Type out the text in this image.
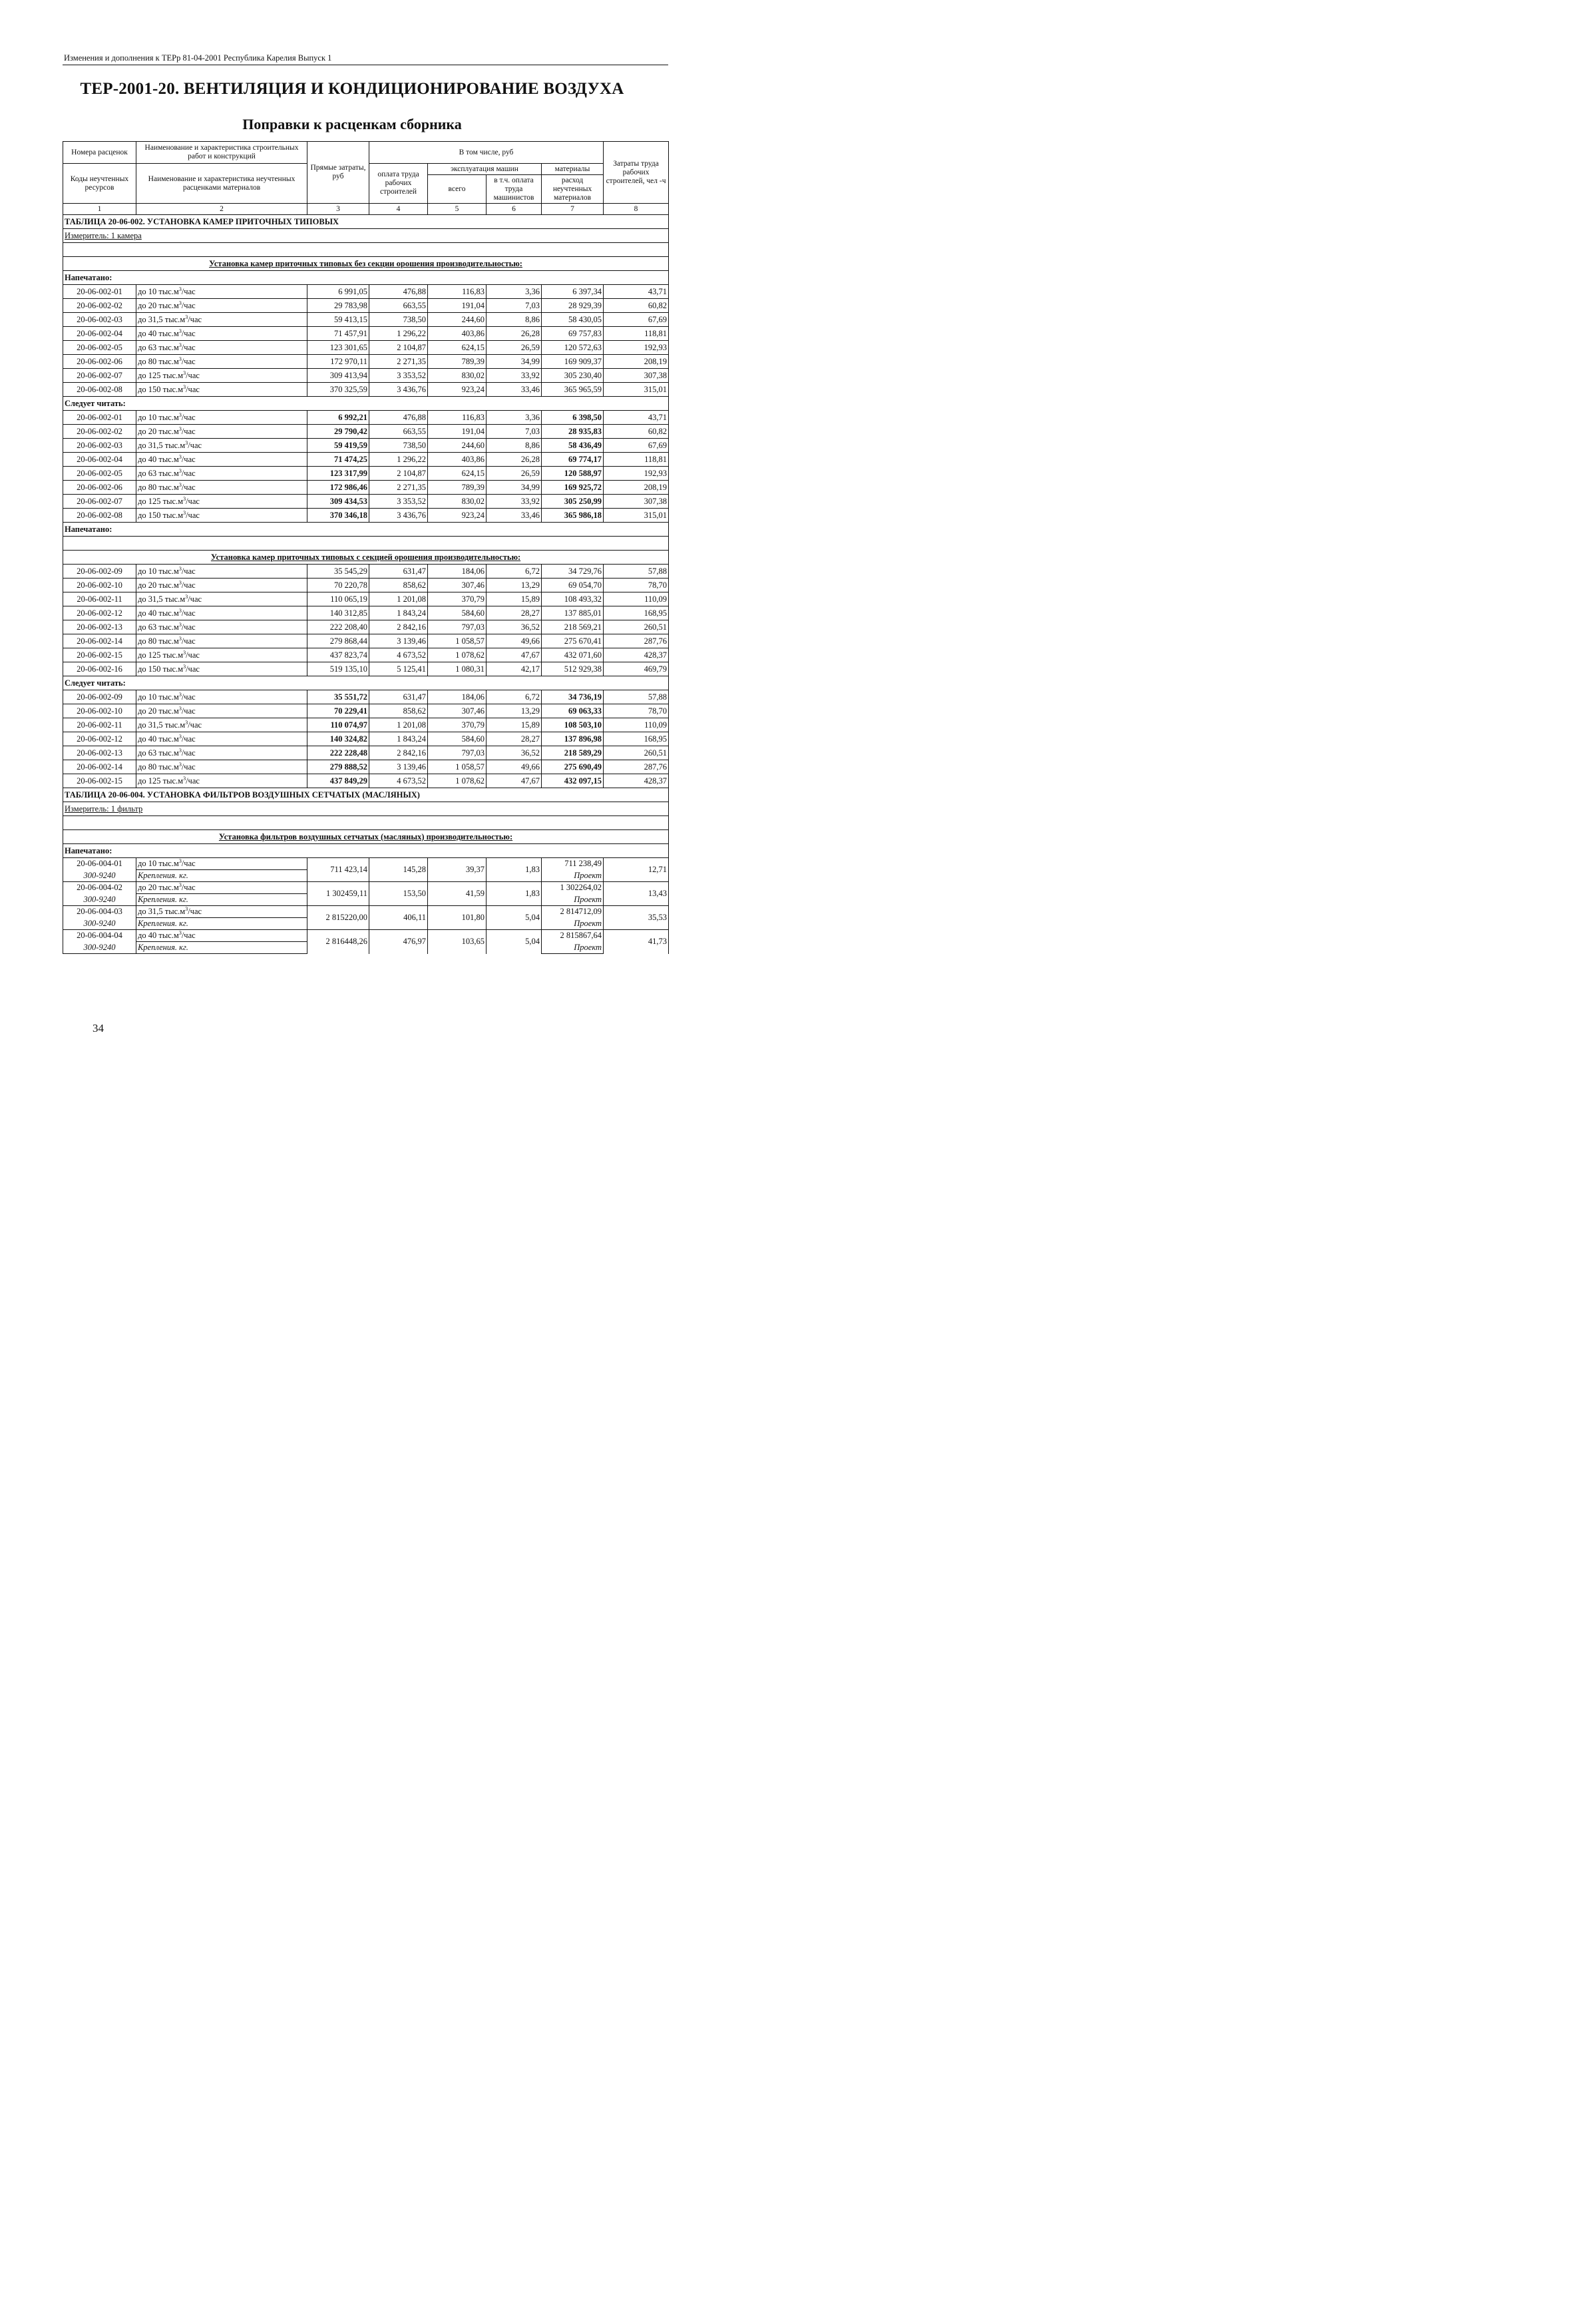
Изменения и дополнения к ТЕРр 81-04-2001 Республика Карелия Выпуск 1
ТЕР-2001-20. ВЕНТИЛЯЦИЯ И КОНДИЦИОНИРОВАНИЕ ВОЗДУХА
Поправки к расценкам сборника
Номера расценок	Наименование и характеристика строительных работ и конструкций	Прямые затраты, руб	В том числе, руб				Затраты труда рабочих строителей, чел -ч
Коды неучтенных ресурсов	Наименование и характеристика неучтенных расценками материалов		оплата труда рабочих строителей	эксплуатация машин		материалы	
				всего	в т.ч. оплата труда машинистов	расход неучтенных материалов	
1	2	3	4	5	6	7	8
ТАБЛИЦА 20-06-002. УСТАНОВКА КАМЕР ПРИТОЧНЫХ ТИПОВЫХ							
Измеритель: 1 камера							

Установка камер приточных типовых без секции орошения производительностью:							
Напечатано:							
20-06-002-01	до 10 $тыс.м^3$/час	6 991,05	476,88	116,83	3,36	6 397,34	43,71
20-06-002-02	до 20 $тыс.м^3$/час	29 783,98	663,55	191,04	7,03	28 929,39	60,82
20-06-002-03	до 31,5 $тыс.м^3$/час	59 413,15	738,50	244,60	8,86	58 430,05	67,69
20-06-002-04	до 40 $тыс.м^3$/час	71 457,91	1 296,22	403,86	26,28	69 757,83	118,81
20-06-002-05	до 63 $тыс.м^3$/час	123 301,65	2 104,87	624,15	26,59	120 572,63	192,93
20-06-002-06	до 80 $тыс.м^3$/час	172 970,11	2 271,35	789,39	34,99	169 909,37	208,19
20-06-002-07	до 125 $тыс.м^3$/час	309 413,94	3 353,52	830,02	33,92	305 230,40	307,38
20-06-002-08	до 150 $тыс.м^3$/час	370 325,59	3 436,76	923,24	33,46	365 965,59	315,01
Следует читать:							
20-06-002-01	до 10 $тыс.м^3$/час	6 992,21	476,88	116,83	3,36	6 398,50	43,71
20-06-002-02	до 20 $тыс.м^3$/час	29 790,42	663,55	191,04	7,03	28 935,83	60,82
20-06-002-03	до 31,5 $тыс.м^3$/час	59 419,59	738,50	244,60	8,86	58 436,49	67,69
20-06-002-04	до 40 $тыс.м^3$/час	71 474,25	1 296,22	403,86	26,28	69 774,17	118,81
20-06-002-05	до 63 $тыс.м^3$/час	123 317,99	2 104,87	624,15	26,59	120 588,97	192,93
20-06-002-06	до 80 $тыс.м^3$/час	172 986,46	2 271,35	789,39	34,99	169 925,72	208,19
20-06-002-07	до 125 $тыс.м^3$/час	309 434,53	3 353,52	830,02	33,92	305 250,99	307,38
20-06-002-08	до 150 $тыс.м^3$/час	370 346,18	3 436,76	923,24	33,46	365 986,18	315,01
Напечатано:							

Установка камер приточных типовых с секцией орошения производительностью:							
20-06-002-09	до 10 $тыс.м^3$/час	35 545,29	631,47	184,06	6,72	34 729,76	57,88
20-06-002-10	до 20 $тыс.м^3$/час	70 220,78	858,62	307,46	13,29	69 054,70	78,70
20-06-002-11	до 31,5 $тыс.м^3$/час	110 065,19	1 201,08	370,79	15,89	108 493,32	110,09
20-06-002-12	до 40 $тыс.м^3$/час	140 312,85	1 843,24	584,60	28,27	137 885,01	168,95
20-06-002-13	до 63 $тыс.м^3$/час	222 208,40	2 842,16	797,03	36,52	218 569,21	260,51
20-06-002-14	до 80 $тыс.м^3$/час	279 868,44	3 139,46	1 058,57	49,66	275 670,41	287,76
20-06-002-15	до 125 $тыс.м^3$/час	437 823,74	4 673,52	1 078,62	47,67	432 071,60	428,37
20-06-002-16	до 150 $тыс.м^3$/час	519 135,10	5 125,41	1 080,31	42,17	512 929,38	469,79
Следует читать:							
20-06-002-09	до 10 $тыс.м^3$/час	35 551,72	631,47	184,06	6,72	34 736,19	57,88
20-06-002-10	до 20 $тыс.м^3$/час	70 229,41	858,62	307,46	13,29	69 063,33	78,70
20-06-002-11	до 31,5 $тыс.м^3$/час	110 074,97	1 201,08	370,79	15,89	108 503,10	110,09
20-06-002-12	до 40 $тыс.м^3$/час	140 324,82	1 843,24	584,60	28,27	137 896,98	168,95
20-06-002-13	до 63 $тыс.м^3$/час	222 228,48	2 842,16	797,03	36,52	218 589,29	260,51
20-06-002-14	до 80 $тыс.м^3$/час	279 888,52	3 139,46	1 058,57	49,66	275 690,49	287,76
20-06-002-15	до 125 $тыс.м^3$/час	437 849,29	4 673,52	1 078,62	47,67	432 097,15	428,37
ТАБЛИЦА 20-06-004. УСТАНОВКА ФИЛЬТРОВ ВОЗДУШНЫХ СЕТЧАТЫХ (МАСЛЯНЫХ)							
Измеритель: 1 фильтр							

Установка фильтров воздушных сетчатых (масляных) производительностью:							
Напечатано:							
20-06-004-01	до 10 $тыс.м^3$/час	711 423,14	145,28	39,37	1,83	711 238,49	12,71
300-9240	Крепления. кг.					Проект	
20-06-004-02	до 20 $тыс.м^3$/час	1 302459,11	153,50	41,59	1,83	1 302264,02	13,43
300-9240	Крепления. кг.					Проект	
20-06-004-03	до 31,5 $тыс.м^3$/час	2 815220,00	406,11	101,80	5,04	2 814712,09	35,53
300-9240	Крепления. кг.					Проект	
20-06-004-04	до 40 $тыс.м^3$/час	2 816448,26	476,97	103,65	5,04	2 815867,64	41,73
300-9240	Крепления. кг.					Проект	
34
